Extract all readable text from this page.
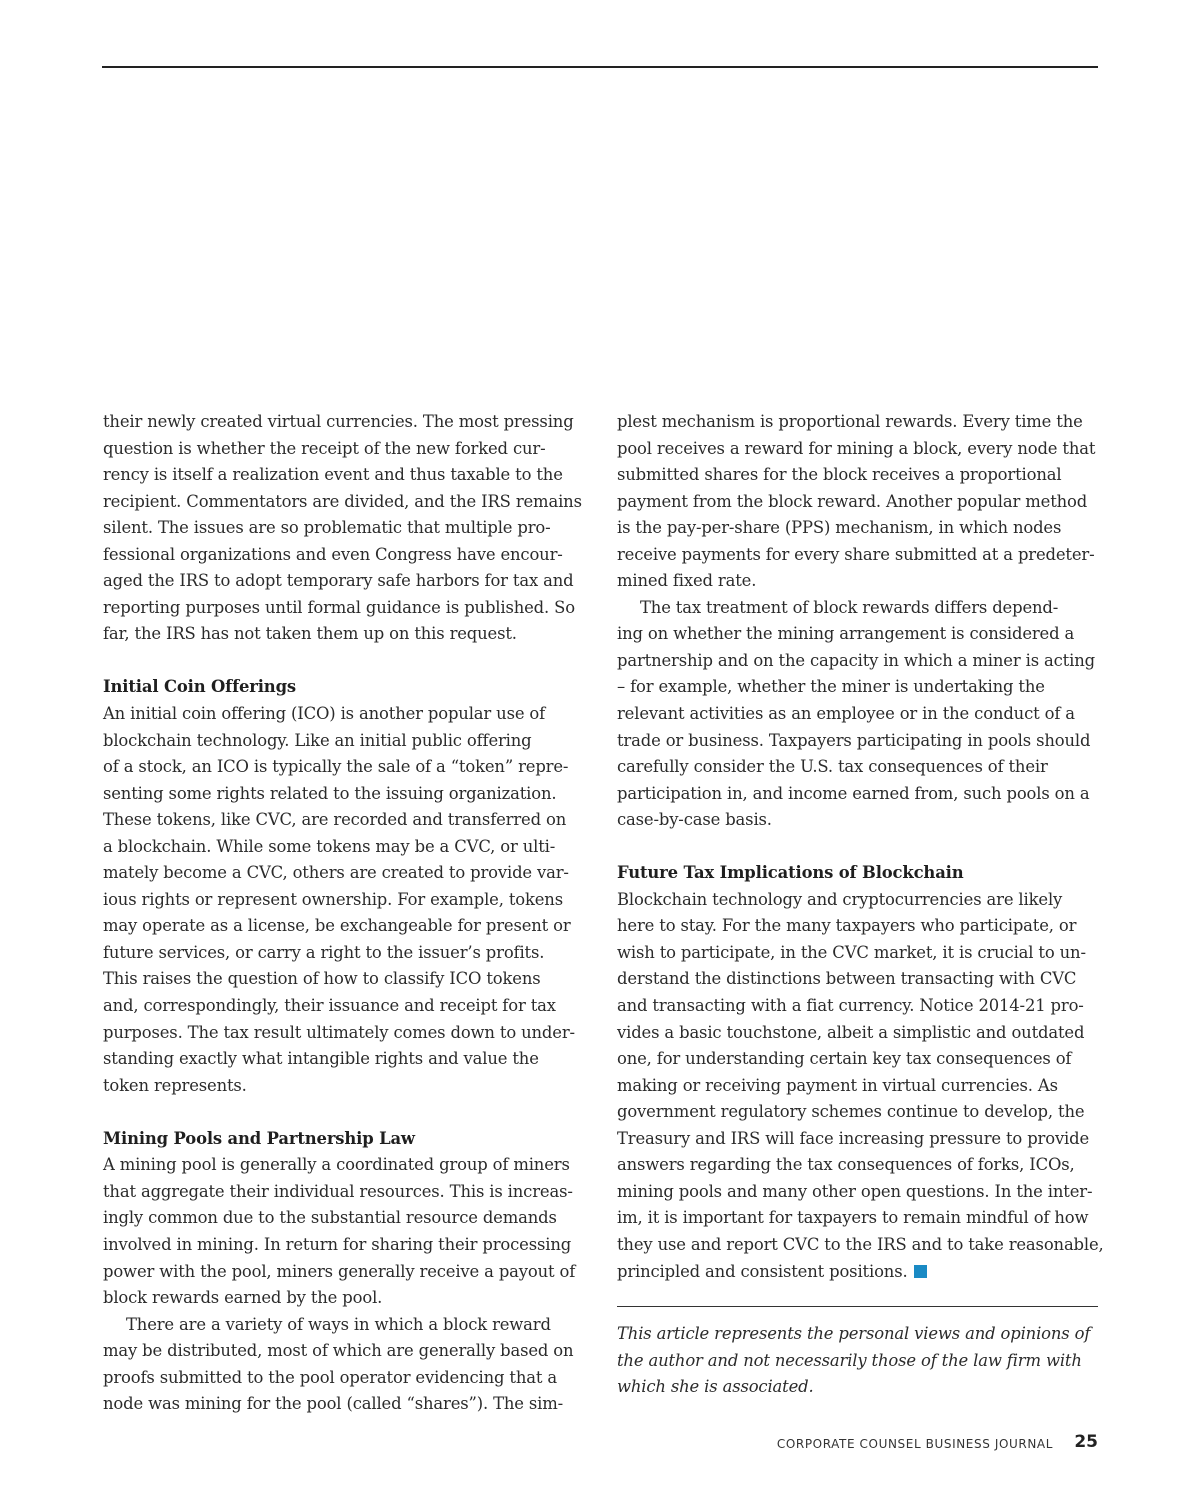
their newly created virtual currencies. The most pressing
question is whether the receipt of the new forked cur-
rency is itself a realization event and thus taxable to the
recipient. Commentators are divided, and the IRS remains
silent. The issues are so problematic that multiple pro-
fessional organizations and even Congress have encour-
aged the IRS to adopt temporary safe harbors for tax and
reporting purposes until formal guidance is published. So
far, the IRS has not taken them up on this request.
Initial Coin Offerings
An initial coin offering (ICO) is another popular use of
blockchain technology. Like an initial public offering
of a stock, an ICO is typically the sale of a “token” repre-
senting some rights related to the issuing organization.
These tokens, like CVC, are recorded and transferred on
a blockchain. While some tokens may be a CVC, or ulti-
mately become a CVC, others are created to provide var-
ious rights or represent ownership. For example, tokens
may operate as a license, be exchangeable for present or
future services, or carry a right to the issuer’s profits.
This raises the question of how to classify ICO tokens
and, correspondingly, their issuance and receipt for tax
purposes. The tax result ultimately comes down to under-
standing exactly what intangible rights and value the
token represents.
Mining Pools and Partnership Law
A mining pool is generally a coordinated group of miners
that aggregate their individual resources. This is increas-
ingly common due to the substantial resource demands
involved in mining. In return for sharing their processing
power with the pool, miners generally receive a payout of
block rewards earned by the pool.
There are a variety of ways in which a block reward
may be distributed, most of which are generally based on
proofs submitted to the pool operator evidencing that a
node was mining for the pool (called “shares”). The sim-
plest mechanism is proportional rewards. Every time the
pool receives a reward for mining a block, every node that
submitted shares for the block receives a proportional
payment from the block reward. Another popular method
is the pay-per-share (PPS) mechanism, in which nodes
receive payments for every share submitted at a predeter-
mined fixed rate.
The tax treatment of block rewards differs depend-
ing on whether the mining arrangement is considered a
partnership and on the capacity in which a miner is acting
– for example, whether the miner is undertaking the
relevant activities as an employee or in the conduct of a
trade or business. Taxpayers participating in pools should
carefully consider the U.S. tax consequences of their
participation in, and income earned from, such pools on a
case-by-case basis.
Future Tax Implications of Blockchain
Blockchain technology and cryptocurrencies are likely
here to stay. For the many taxpayers who participate, or
wish to participate, in the CVC market, it is crucial to un-
derstand the distinctions between transacting with CVC
and transacting with a fiat currency. Notice 2014-21 pro-
vides a basic touchstone, albeit a simplistic and outdated
one, for understanding certain key tax consequences of
making or receiving payment in virtual currencies. As
government regulatory schemes continue to develop, the
Treasury and IRS will face increasing pressure to provide
answers regarding the tax consequences of forks, ICOs,
mining pools and many other open questions. In the inter-
im, it is important for taxpayers to remain mindful of how
they use and report CVC to the IRS and to take reasonable,
principled and consistent positions.
This article represents the personal views and opinions of
the author and not necessarily those of the law firm with
which she is associated.
CORPORATE COUNSEL BUSINESS JOURNAL 25
